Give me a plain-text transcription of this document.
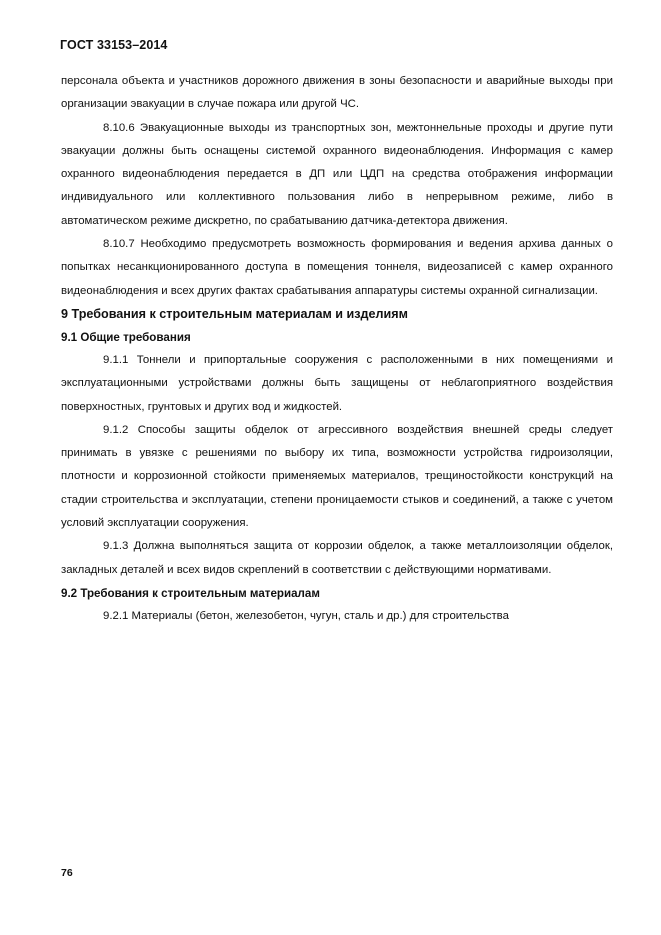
ГОСТ 33153–2014

персонала объекта и участников дорожного движения в зоны безопасности и аварийные выходы при организации эвакуации в случае пожара или другой ЧС.

8.10.6 Эвакуационные выходы из транспортных зон, межтоннельные проходы и другие пути эвакуации должны быть оснащены системой охранного видеонаблюдения. Информация с камер охранного видеонаблюдения передается в ДП или ЦДП на средства отображения информации индивидуального или коллективного пользования либо в непрерывном режиме, либо в автоматическом режиме дискретно, по срабатыванию датчика-детектора движения.

8.10.7 Необходимо предусмотреть возможность формирования и ведения архива данных о попытках несанкционированного доступа в помещения тоннеля, видеозаписей с камер охранного видеонаблюдения и всех других фактах срабатывания аппаратуры системы охранной сигнализации.

9 Требования к строительным материалам и изделиям

9.1 Общие требования

9.1.1 Тоннели и припортальные сооружения с расположенными в них помещениями и эксплуатационными устройствами должны быть защищены от неблагоприятного воздействия поверхностных, грунтовых и других вод и жидкостей.

9.1.2 Способы защиты обделок от агрессивного воздействия внешней среды следует принимать в увязке с решениями по выбору их типа, возможности устройства гидроизоляции, плотности и коррозионной стойкости применяемых материалов, трещиностойкости конструкций на стадии строительства и эксплуатации, степени проницаемости стыков и соединений, а также с учетом условий эксплуатации сооружения.

9.1.3 Должна выполняться защита от коррозии обделок, а также металлоизоляции обделок, закладных деталей и всех видов скреплений в соответствии с действующими нормативами.

9.2 Требования к строительным материалам

9.2.1 Материалы (бетон, железобетон, чугун, сталь и др.) для строительства

76
